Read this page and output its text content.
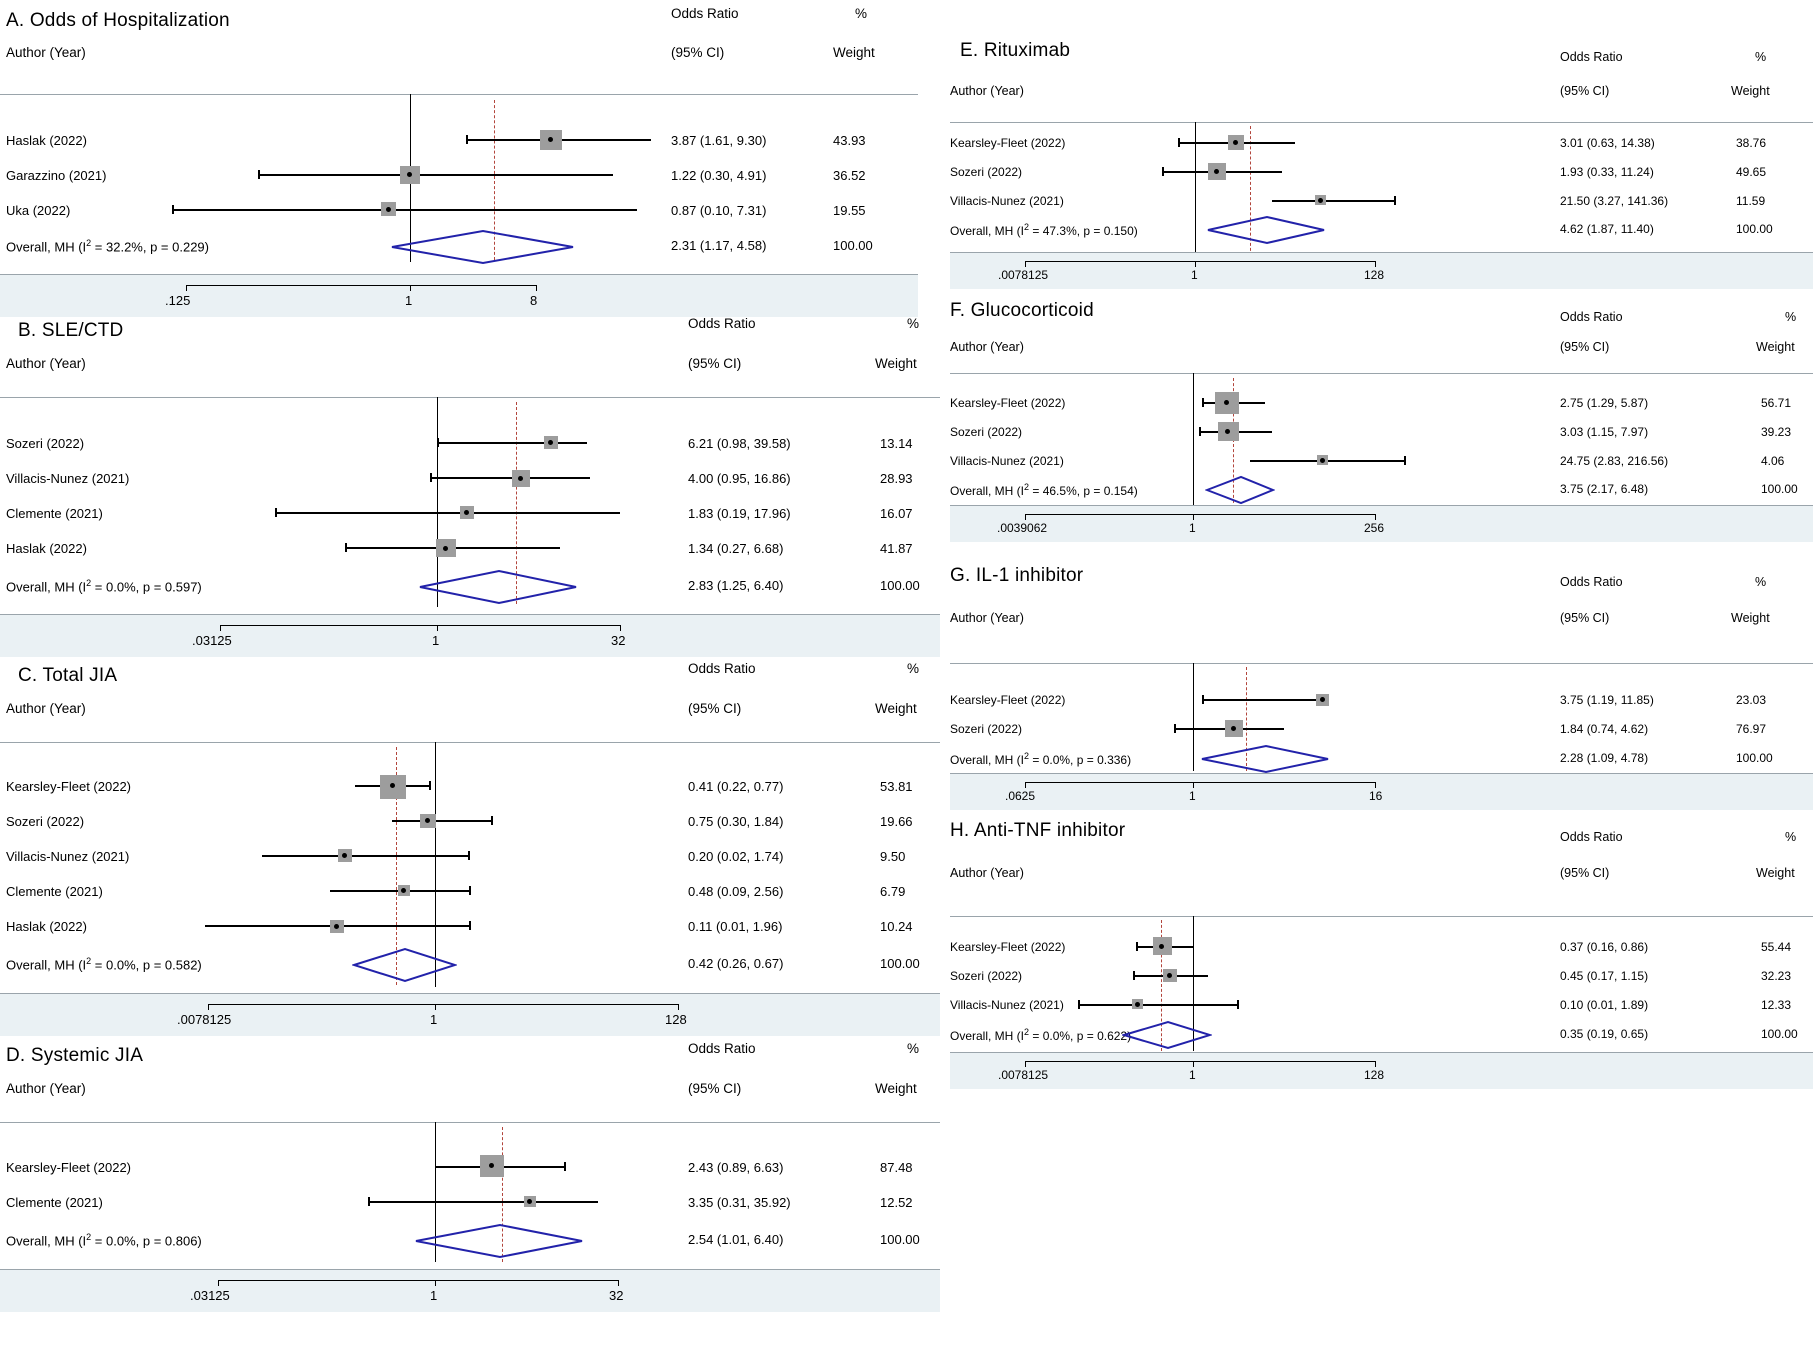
A. Odds of Hospitalization	Odds Ratio	%
Author (Year)	(95% CI)	Weight
Haslak (2022)	3.87 (1.61, 9.30)	43.93
Garazzino (2021)	1.22 (0.30, 4.91)	36.52
Uka (2022)	0.87 (0.10, 7.31)	19.55
Overall, MH ($I^2 = 32.2\%$, p = 0.229)	2.31 (1.17, 4.58)	100.00
.125	1	8
B. SLE/CTD	Odds Ratio	%
Author (Year)	(95% CI)	Weight
Sozeri (2022)	6.21 (0.98, 39.58)	13.14
Villacis-Nunez (2021)	4.00 (0.95, 16.86)	28.93
Clemente (2021)	1.83 (0.19, 17.96)	16.07
Haslak (2022)	1.34 (0.27, 6.68)	41.87
Overall, MH ($I^2 = 0.0\%$, p = 0.597)	2.83 (1.25, 6.40)	100.00
.03125	1	32
C. Total JIA	Odds Ratio	%
Author (Year)	(95% CI)	Weight
Kearsley-Fleet (2022)	0.41 (0.22, 0.77)	53.81
Sozeri (2022)	0.75 (0.30, 1.84)	19.66
Villacis-Nunez (2021)	0.20 (0.02, 1.74)	9.50
Clemente (2021)	0.48 (0.09, 2.56)	6.79
Haslak (2022)	0.11 (0.01, 1.96)	10.24
Overall, MH ($I^2 = 0.0\%$, p = 0.582)	0.42 (0.26, 0.67)	100.00
.0078125	1	128
D. Systemic JIA	Odds Ratio	%
Author (Year)	(95% CI)	Weight
Kearsley-Fleet (2022)	2.43 (0.89, 6.63)	87.48
Clemente (2021)	3.35 (0.31, 35.92)	12.52
Overall, MH ($I^2 = 0.0\%$, p = 0.806)	2.54 (1.01, 6.40)	100.00
.03125	1	32
E. Rituximab	Odds Ratio	%
Author (Year)	(95% CI)	Weight
Kearsley-Fleet (2022)	3.01 (0.63, 14.38)	38.76
Sozeri (2022)	1.93 (0.33, 11.24)	49.65
Villacis-Nunez (2021)	21.50 (3.27, 141.36)	11.59
Overall, MH ($I^2 = 47.3\%$, p = 0.150)	4.62 (1.87, 11.40)	100.00
.0078125	1	128
F. Glucocorticoid	Odds Ratio	%
Author (Year)	(95% CI)	Weight
Kearsley-Fleet (2022)	2.75 (1.29, 5.87)	56.71
Sozeri (2022)	3.03 (1.15, 7.97)	39.23
Villacis-Nunez (2021)	24.75 (2.83, 216.56)	4.06
Overall, MH ($I^2 = 46.5\%$, p = 0.154)	3.75 (2.17, 6.48)	100.00
.0039062	1	256
G. IL-1 inhibitor	Odds Ratio	%
Author (Year)	(95% CI)	Weight
Kearsley-Fleet (2022)	3.75 (1.19, 11.85)	23.03
Sozeri (2022)	1.84 (0.74, 4.62)	76.97
Overall, MH ($I^2 = 0.0\%$, p = 0.336)	2.28 (1.09, 4.78)	100.00
.0625	1	16
H. Anti-TNF inhibitor	Odds Ratio	%
Author (Year)	(95% CI)	Weight
Kearsley-Fleet (2022)	0.37 (0.16, 0.86)	55.44
Sozeri (2022)	0.45 (0.17, 1.15)	32.23
Villacis-Nunez (2021)	0.10 (0.01, 1.89)	12.33
Overall, MH ($I^2 = 0.0\%$, p = 0.622)	0.35 (0.19, 0.65)	100.00
.0078125	1	128
